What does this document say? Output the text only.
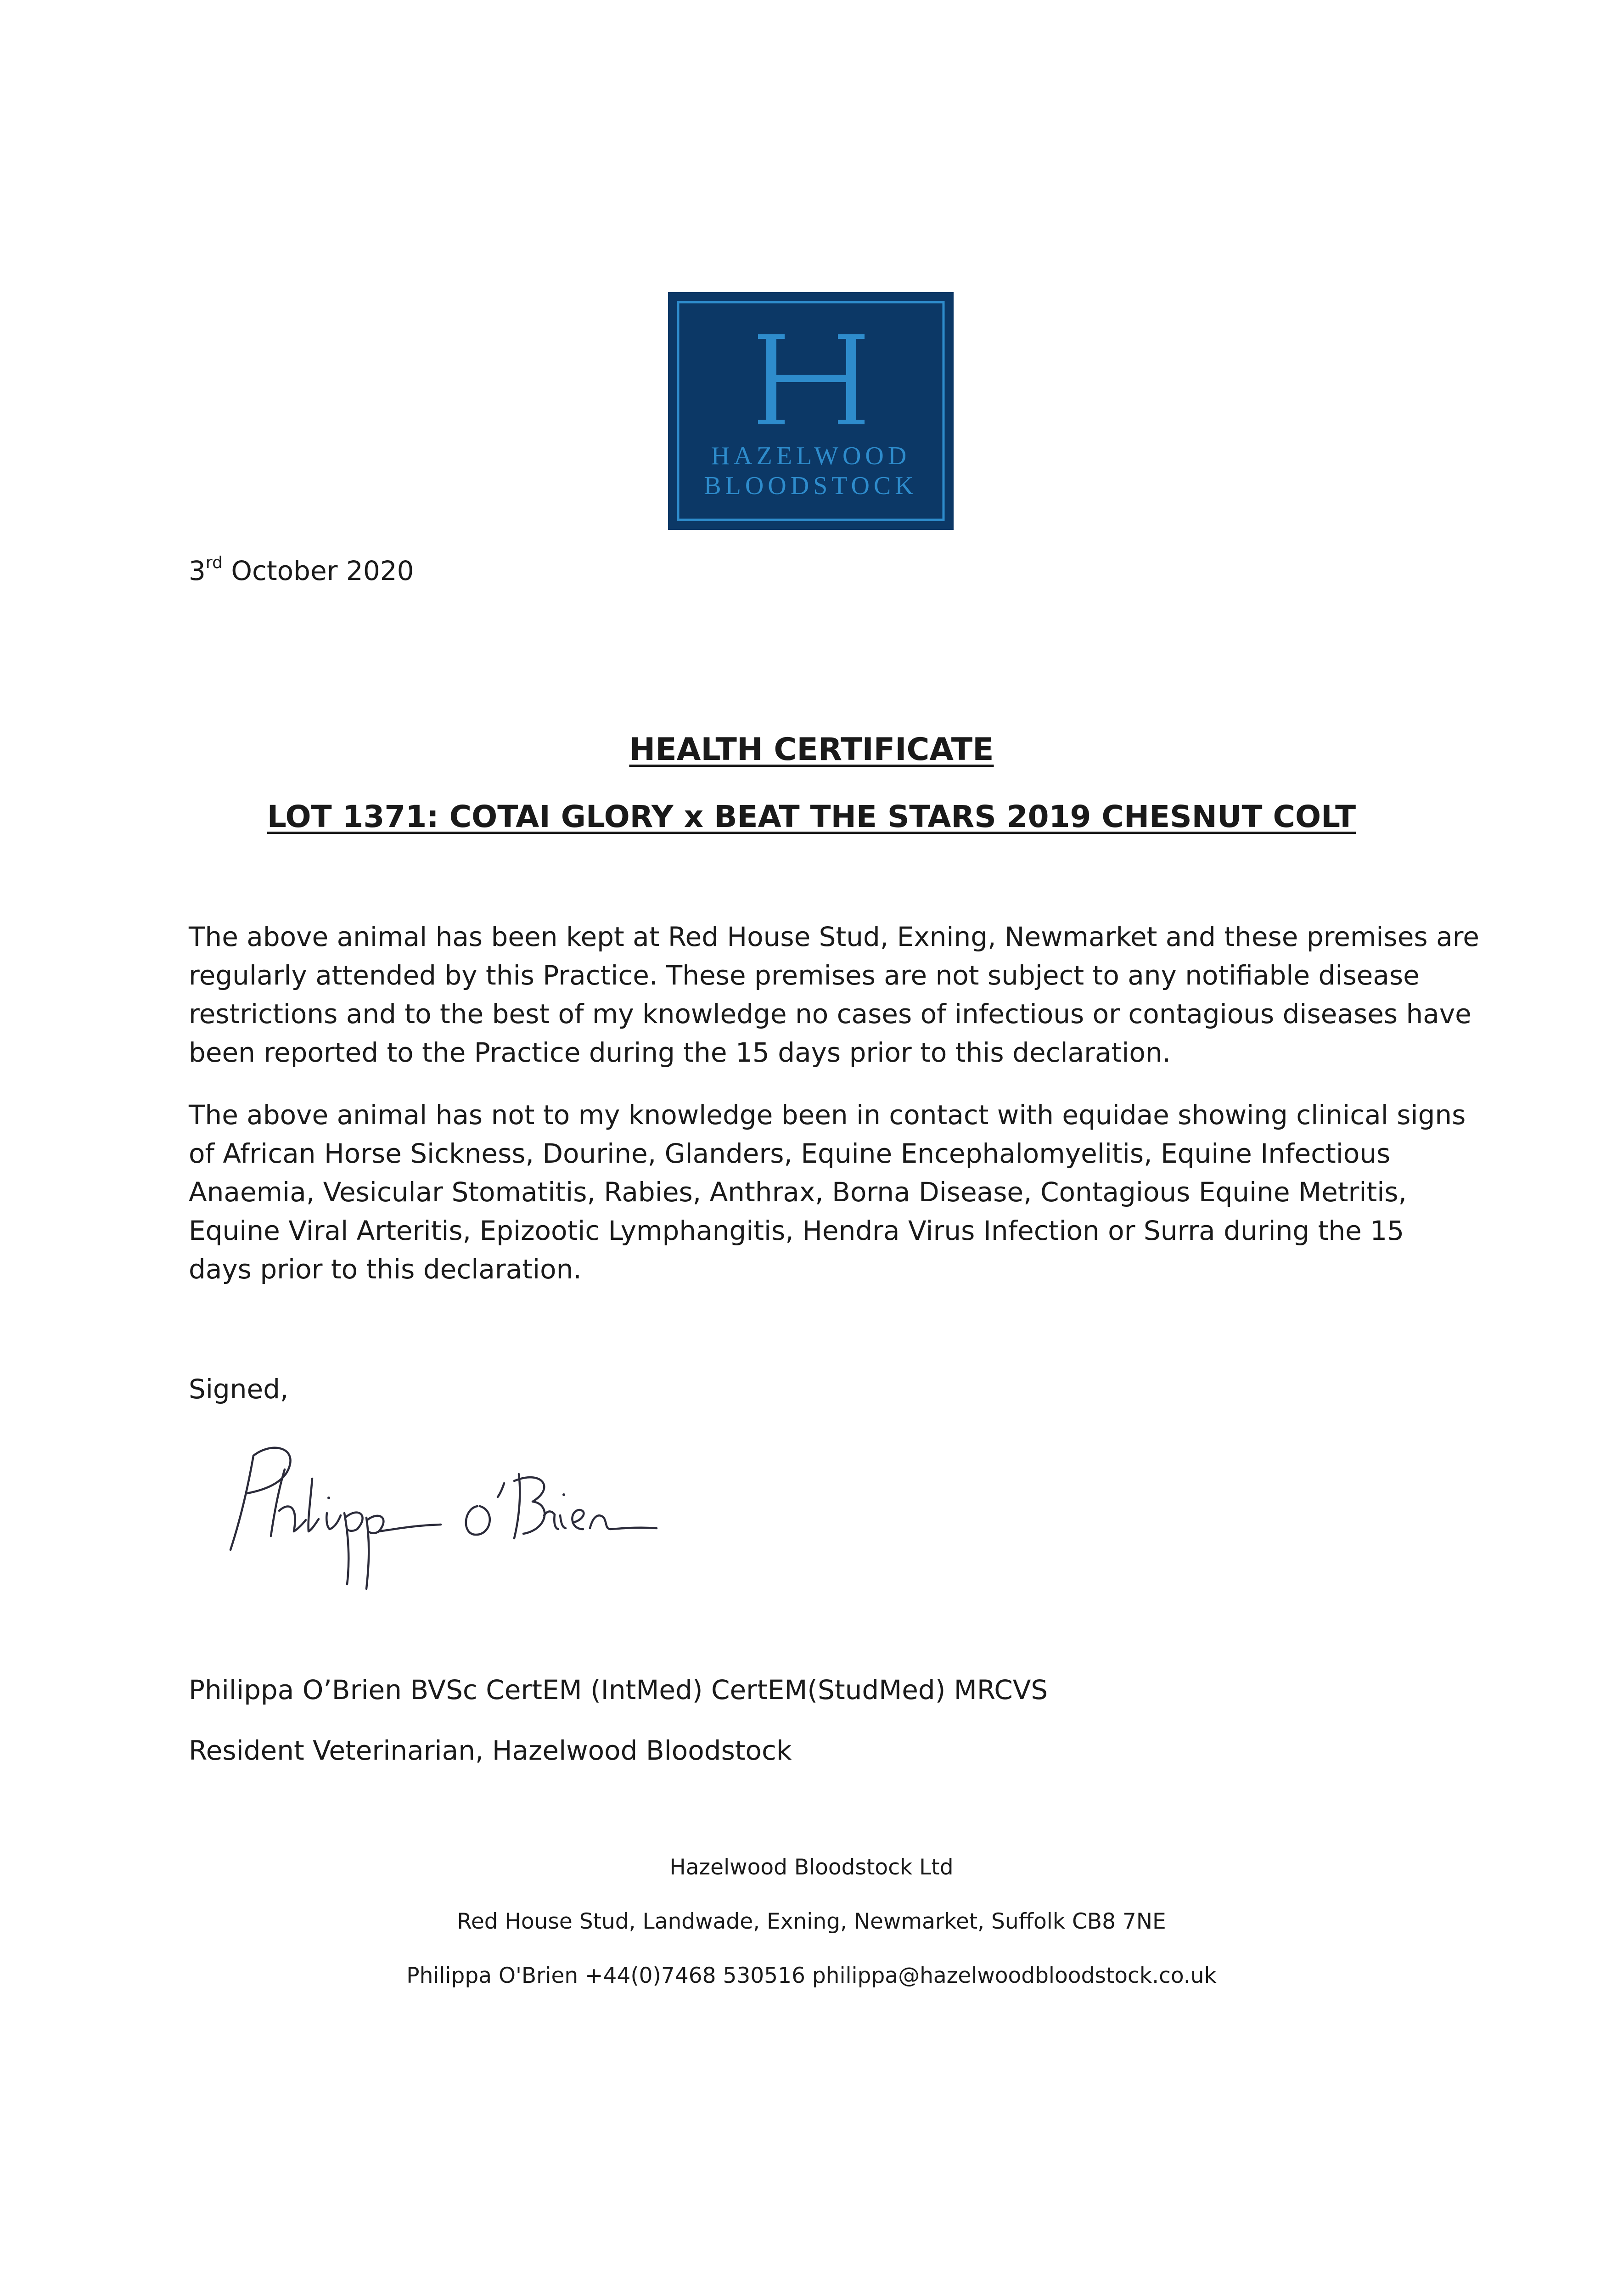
HAZELWOOD
BLOODSTOCK
3rd October 2020
HEALTH CERTIFICATE
LOT 1371: COTAI GLORY x BEAT THE STARS 2019 CHESNUT COLT
The above animal has been kept at Red House Stud, Exning, Newmarket and these premises are
regularly attended by this Practice. These premises are not subject to any notifiable disease
restrictions and to the best of my knowledge no cases of infectious or contagious diseases have
been reported to the Practice during the 15 days prior to this declaration.
The above animal has not to my knowledge been in contact with equidae showing clinical signs
of African Horse Sickness, Dourine, Glanders, Equine Encephalomyelitis, Equine Infectious
Anaemia, Vesicular Stomatitis, Rabies, Anthrax, Borna Disease, Contagious Equine Metritis,
Equine Viral Arteritis, Epizootic Lymphangitis, Hendra Virus Infection or Surra during the 15
days prior to this declaration.
Signed,
Philippa O’Brien BVSc CertEM (IntMed) CertEM(StudMed) MRCVS
Resident Veterinarian, Hazelwood Bloodstock
Hazelwood Bloodstock Ltd
Red House Stud, Landwade, Exning, Newmarket, Suffolk CB8 7NE
Philippa O'Brien +44(0)7468 530516 philippa@hazelwoodbloodstock.co.uk
